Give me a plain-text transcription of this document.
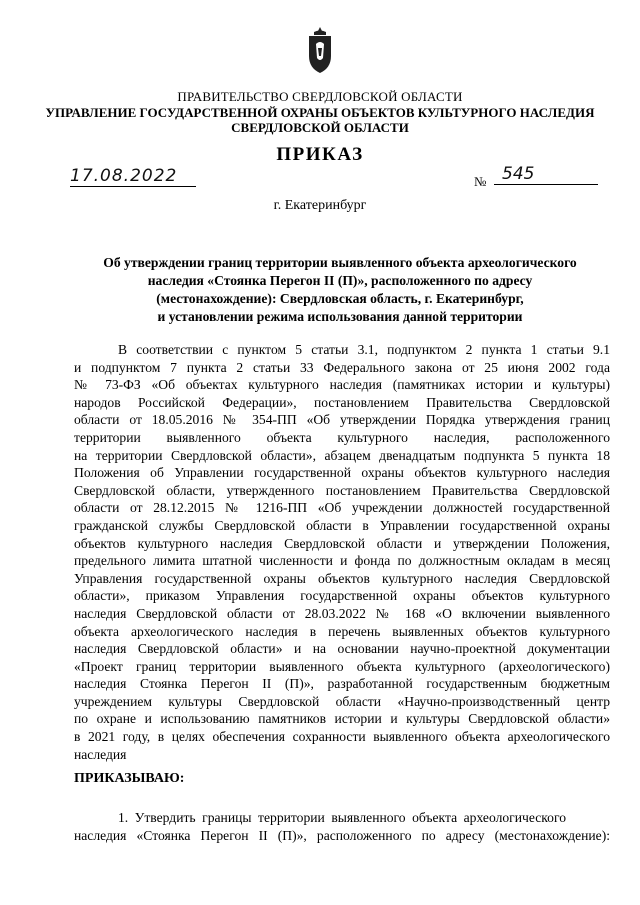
ПРАВИТЕЛЬСТВО СВЕРДЛОВСКОЙ ОБЛАСТИ
УПРАВЛЕНИЕ ГОСУДАРСТВЕННОЙ ОХРАНЫ ОБЪЕКТОВ КУЛЬТУРНОГО НАСЛЕДИЯ
СВЕРДЛОВСКОЙ ОБЛАСТИ
ПРИКАЗ
17.08.2022	№ 545
г. Екатеринбург
Об утверждении границ территории выявленного объекта археологического
наследия «Стоянка Перегон II (П)», расположенного по адресу
(местонахождение): Свердловская область, г. Екатеринбург,
и установлении режима использования данной территории
В соответствии с пунктом 5 статьи 3.1, подпунктом 2 пункта 1 статьи 9.1
и подпунктом 7 пункта 2 статьи 33 Федерального закона от 25 июня 2002 года
№ 73-ФЗ «Об объектах культурного наследия (памятниках истории и культуры)
народов Российской Федерации», постановлением Правительства Свердловской
области от 18.05.2016 № 354-ПП «Об утверждении Порядка утверждения границ
территории выявленного объекта культурного наследия, расположенного
на территории Свердловской области», абзацем двенадцатым подпункта 5 пункта 18
Положения об Управлении государственной охраны объектов культурного наследия
Свердловской области, утвержденного постановлением Правительства Свердловской
области от 28.12.2015 № 1216-ПП «Об учреждении должностей государственной
гражданской службы Свердловской области в Управлении государственной охраны
объектов культурного наследия Свердловской области и утверждении Положения,
предельного лимита штатной численности и фонда по должностным окладам в месяц
Управления государственной охраны объектов культурного наследия Свердловской
области», приказом Управления государственной охраны объектов культурного
наследия Свердловской области от 28.03.2022 № 168 «О включении выявленного
объекта археологического наследия в перечень выявленных объектов культурного
наследия Свердловской области» и на основании научно-проектной документации
«Проект границ территории выявленного объекта культурного (археологического)
наследия Стоянка Перегон II (П)», разработанной государственным бюджетным
учреждением культуры Свердловской области «Научно-производственный центр
по охране и использованию памятников истории и культуры Свердловской области»
в 2021 году, в целях обеспечения сохранности выявленного объекта археологического
наследия
ПРИКАЗЫВАЮ:
1. Утвердить границы территории выявленного объекта археологического
наследия «Стоянка Перегон II (П)», расположенного по адресу (местонахождение):
